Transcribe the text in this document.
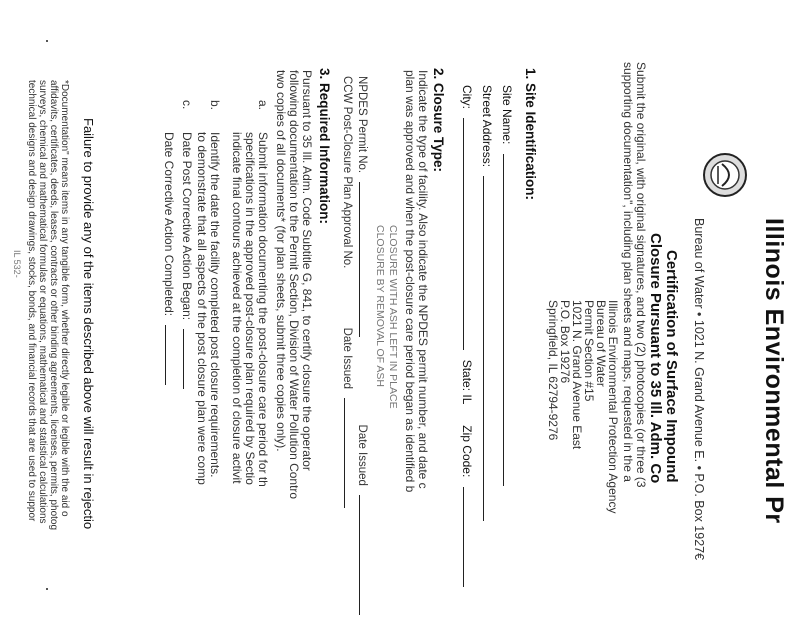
Illinois Environmental Pr
Bureau of Water • 1021 N. Grand Avenue E. • P.O. Box 1927€
Certification of Surface Impound
Closure Pursuant to 35 Ill. Adm. Co
Submit the original, with original signatures, and two (2) photocopies (or three (3
supporting documentation", including plan sheets and maps, requested in the a
Illinois Environmental Protection Agency
Bureau of Water
Permit Section #15
1021 N. Grand Avenue East
P.O. Box 19276
Springfield, IL 62794-9276
1. Site Identification:
Site Name:
Street Address:
City:  State: IL Zip Code:
2. Closure Type:
Indicate the type of facility. Also indicate the NPDES permit number, and date c
plan was approved and when the post-closure care period began as identified b
CLOSURE WITH ASH LEFT IN PLACE
CLOSURE BY REMOVAL OF ASH
NPDES Permit No.  Date Issued
CCW Post-Closure Plan Approval No. Date Issued
3. Required Information:
Pursuant to 35 Ill. Adm. Code Subtitle G, 841, to certify closure the operator
following documentation to the Permit Section, Division of Water Pollution Contro
two copies of all documents* (for plan sheets, submit three copies only).
a.
Submit information documenting the post-closure care period for th
specifications in the approved post-closure plan required by Sectio
indicate final contours achieved at the completion of closure activit
b.
Identify the date the facility completed post closure requirements.
to demonstrate that all aspects of the post closure plan were comp
c.
Date Post Corrective Action Began:
Date Corrective Action Completed:
Failure to provide any of the items described above will result in rejectio
*Documentation" means items in any tangible form, whether directly legible or legible with the aid o
affidavits, certificates, deeds, leases, contracts or other binding agreements, licenses, permits, photog
surveys, chemical and mathematical formulas or equations, mathematical and statistical calculations
technical designs and design drawings, stocks, bonds, and financial records that are used to suppor
IL 532-
